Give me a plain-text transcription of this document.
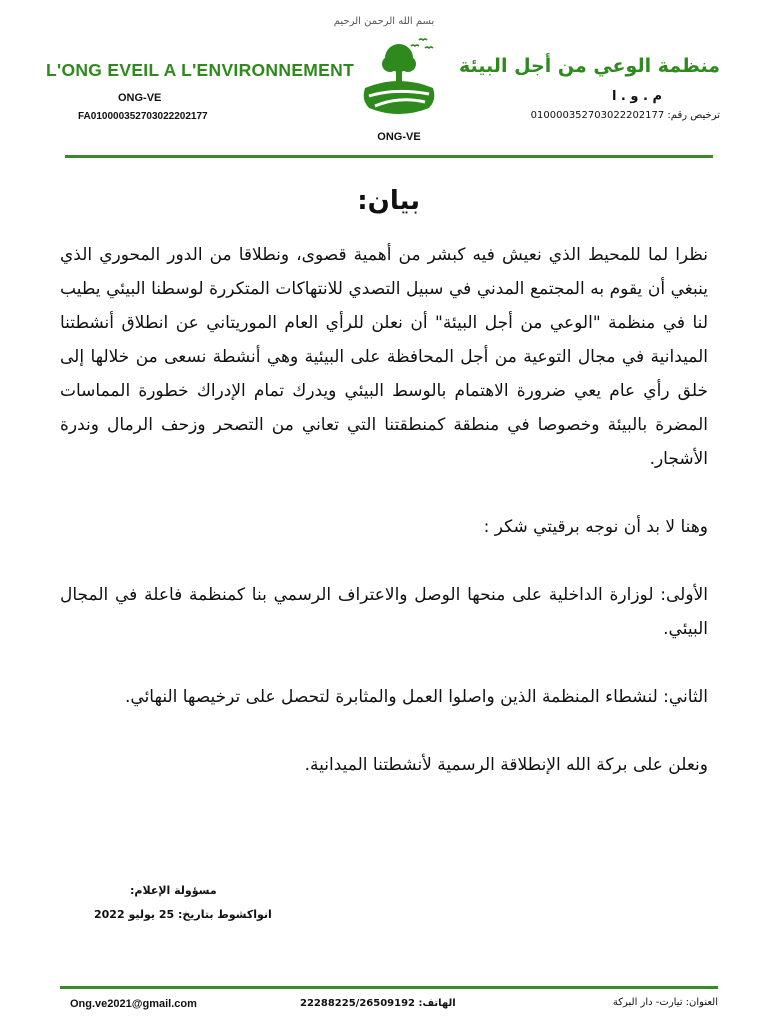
بسم الله الرحمن الرحيم
L'ONG EVEIL A L'ENVIRONNEMENT
ONG-VE
FA010000352703022202177
منظمة الوعي من أجل البيئة
م . و . ا
ترخيص رقم: 010000352703022202177
ONG-VE
بيان:

نظرا لما للمحيط الذي نعيش فيه كبشر من أهمية قصوى، ونطلاقا من الدور المحوري الذي ينبغي أن يقوم به المجتمع المدني في سبيل التصدي للانتهاكات المتكررة لوسطنا البيئي يطيب لنا في منظمة "الوعي من أجل البيئة" أن نعلن للرأي العام الموريتاني عن انطلاق أنشطتنا الميدانية في مجال التوعية من أجل المحافظة على البيئية وهي أنشطة نسعى من خلالها إلى خلق رأي عام يعي ضرورة الاهتمام بالوسط البيئي ويدرك تمام الإدراك خطورة المماسات المضرة بالبيئة وخصوصا في منطقة كمنطقتنا التي تعاني من التصحر وزحف الرمال وندرة الأشجار.

وهنا لا بد أن نوجه برقيتي شكر :

الأولى: لوزارة الداخلية على منحها الوصل والاعتراف الرسمي بنا كمنظمة فاعلة في المجال البيئي.

الثاني: لنشطاء المنظمة الذين واصلوا العمل والمثابرة لتحصل على ترخيصها النهائي.

ونعلن على بركة الله الإنطلاقة الرسمية لأنشطتنا الميدانية.

مسؤولة الإعلام:
انواكشوط بتاريخ: 25 يوليو 2022
Ong.ve2021@gmail.com	الهاتف: 22288225/26509192	العنوان: تيارت- دار البركة
